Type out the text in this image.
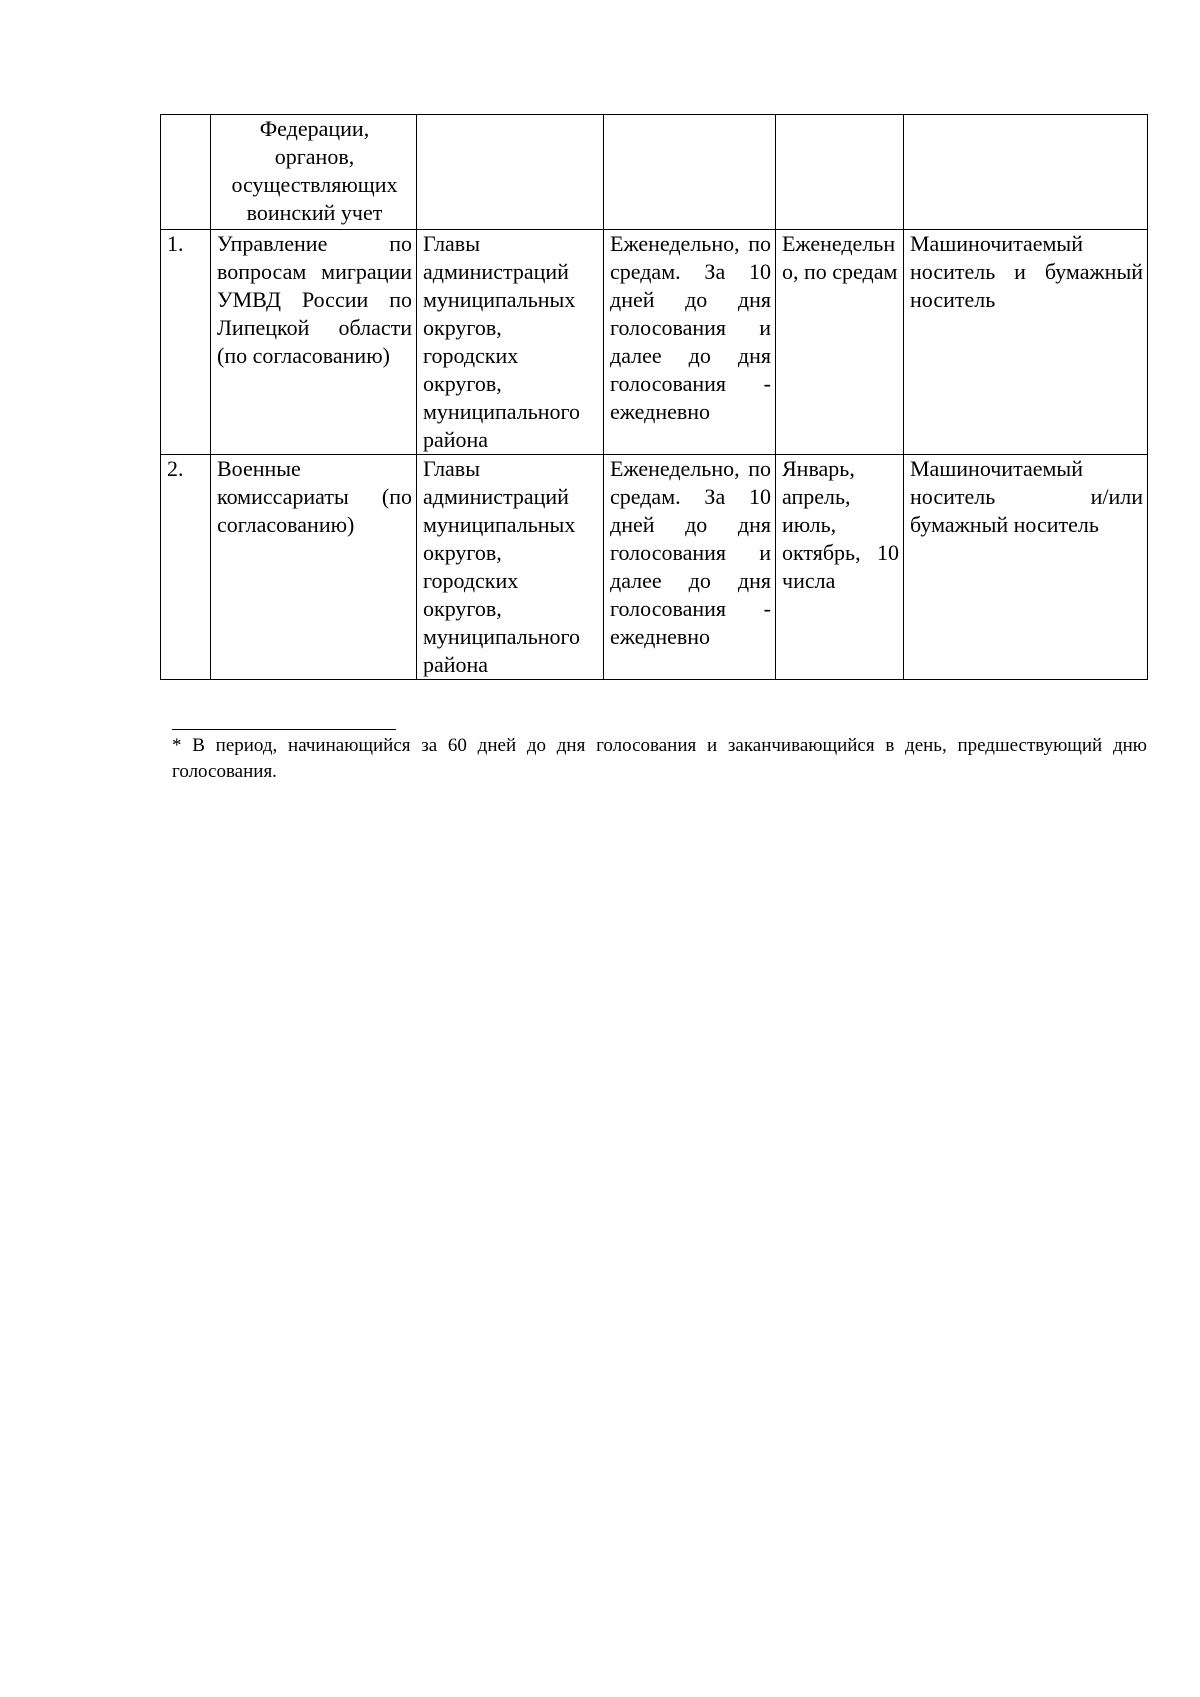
	Федерации,
органов,
осуществляющих
воинский учет				

1.	Управление по вопросам миграции УМВД России по Липецкой области (по согласованию)	Главы администраций муниципальных округов, городских округов, муниципального района	Еженедельно, по средам. За 10 дней до дня голосования и далее до дня голосования - ежедневно	Еженедельно, по средам	Машиночитаемый носитель и бумажный носитель
2.	Военные комиссариаты (по согласованию)	Главы администраций муниципальных округов, городских округов, муниципального района	Еженедельно, по средам. За 10 дней до дня голосования и далее до дня голосования - ежедневно	Январь, апрель, июль, октябрь, 10 числа	Машиночитаемый носитель и/или бумажный носитель
* В период, начинающийся за 60 дней до дня голосования и заканчивающийся в день, предшествующий дню голосования.
